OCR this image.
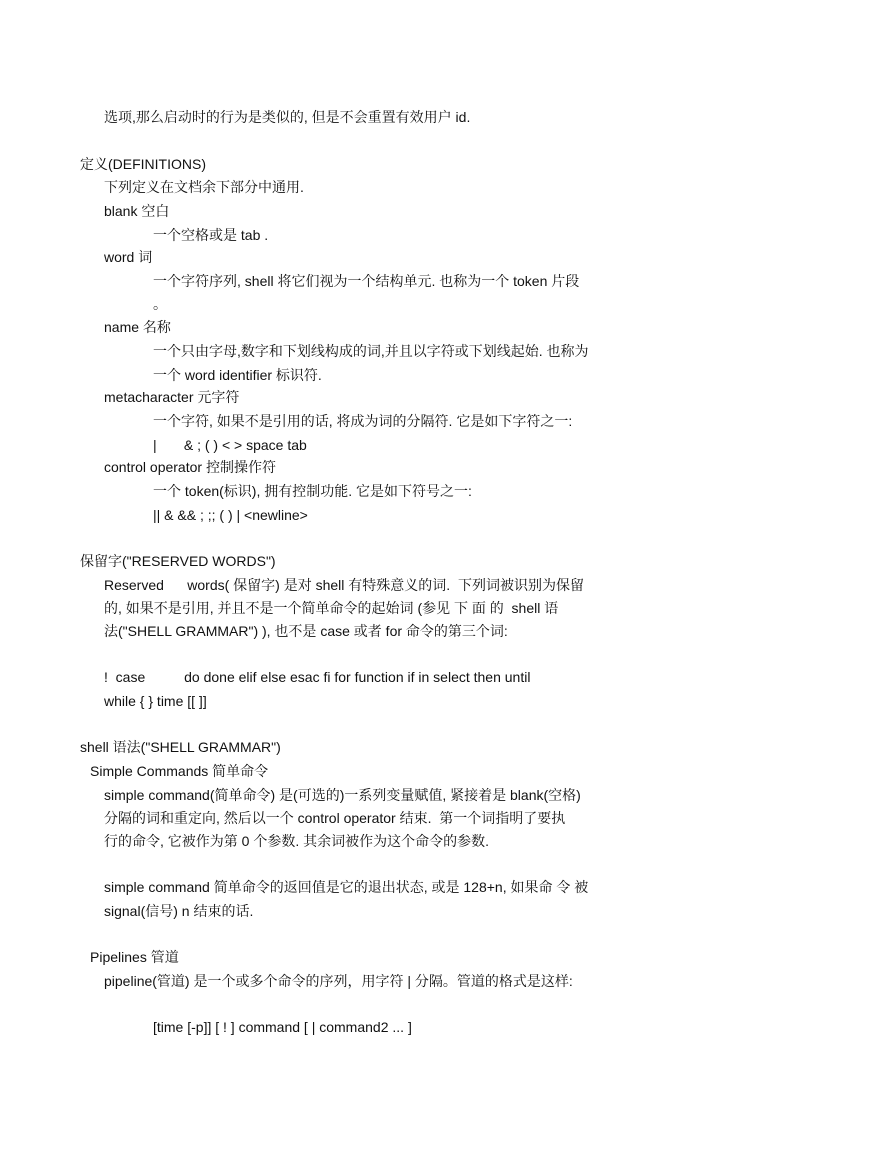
选项,那么启动时的行为是类似的, 但是不会重置有效用户 id.
定义(DEFINITIONS)
下列定义在文档余下部分中通用.
blank 空白
一个空格或是 tab .
word 词
一个字符序列, shell 将它们视为一个结构单元. 也称为一个 token 片段
。
name 名称
一个只由字母,数字和下划线构成的词,并且以字符或下划线起始. 也称为
一个 word identifier 标识符.
metacharacter 元字符
一个字符, 如果不是引用的话, 将成为词的分隔符. 它是如下字符之一:
|       & ; ( ) < > space tab
control operator 控制操作符
一个 token(标识), 拥有控制功能. 它是如下符号之一:
|| & && ; ;; ( ) | <newline>
保留字("RESERVED WORDS")
Reserved      words( 保留字) 是对 shell 有特殊意义的词.  下列词被识别为保留
的, 如果不是引用, 并且不是一个简单命令的起始词 (参见 下 面 的  shell 语
法("SHELL GRAMMAR") ), 也不是 case 或者 for 命令的第三个词:
!  case          do done elif else esac fi for function if in select then until
while { } time [[ ]]
shell 语法("SHELL GRAMMAR")
Simple Commands 简单命令
simple command(简单命令) 是(可选的)一系列变量赋值, 紧接着是 blank(空格)
分隔的词和重定向, 然后以一个 control operator 结束.  第一个词指明了要执
行的命令, 它被作为第 0 个参数. 其余词被作为这个命令的参数.
simple command 简单命令的返回值是它的退出状态, 或是 128+n, 如果命 令 被
signal(信号) n 结束的话.
Pipelines 管道
pipeline(管道) 是一个或多个命令的序列，用字符 | 分隔。管道的格式是这样:
[time [-p]] [ ! ] command [ | command2 ... ]
